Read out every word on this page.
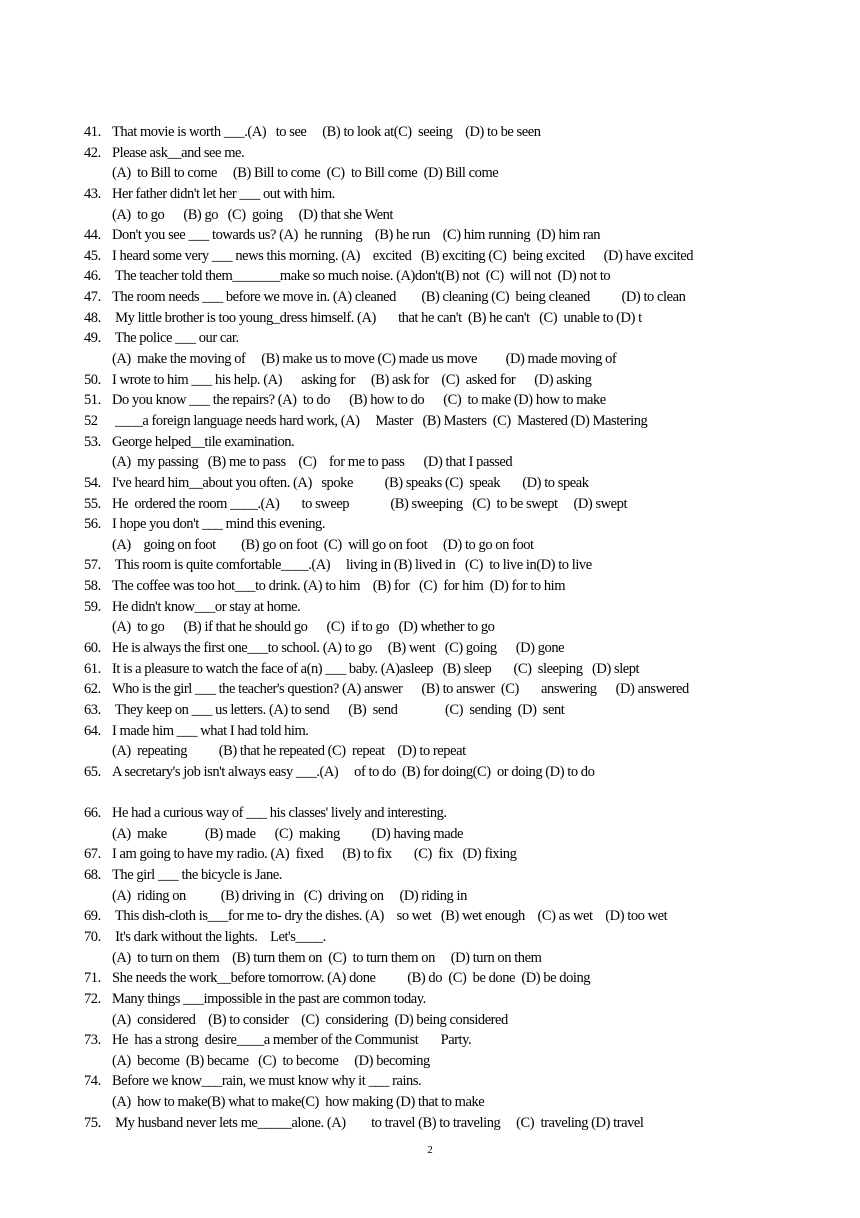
41. That movie is worth ___.(A)   to see     (B) to look at(C)  seeing    (D) to be seen
42. Please ask__and see me.
(A)  to Bill to come     (B) Bill to come  (C)  to Bill come  (D) Bill come
43. Her father didn't let her ___ out with him.
(A)  to go      (B) go   (C)  going     (D) that she Went
44. Don't you see ___ towards us? (A)  he running    (B) he run    (C) him running  (D) him ran
45. I heard some very ___ news this morning. (A)    excited   (B) exciting (C)  being excited      (D) have excited
46. The teacher told them_______make so much noise. (A)don't(B) not  (C)  will not  (D) not to
47. The room needs ___ before we move in. (A) cleaned        (B) cleaning (C)  being cleaned          (D) to clean
48. My little brother is too young_dress himself. (A)       that he can't  (B) he can't   (C)  unable to (D) t
49. The police ___ our car.
(A)  make the moving of     (B) make us to move (C) made us move         (D) made moving of
50. I wrote to him ___ his help. (A)      asking for     (B) ask for    (C)  asked for      (D) asking
51. Do you know ___ the repairs? (A)  to do      (B) how to do      (C)  to make (D) how to make
52 ____a foreign language needs hard work, (A)     Master   (B) Masters  (C)  Mastered (D) Mastering
53. George helped__tile examination.
(A)  my passing   (B) me to pass    (C)    for me to pass      (D) that I passed
54. I've heard him__about you often. (A)   spoke          (B) speaks (C)  speak       (D) to speak
55. He  ordered the room ____.(A)       to sweep             (B) sweeping   (C)  to be swept     (D) swept
56. I hope you don't ___ mind this evening.
(A)    going on foot        (B) go on foot  (C)  will go on foot     (D) to go on foot
57. This room is quite comfortable____.(A)     living in (B) lived in   (C)  to live in(D) to live
58. The coffee was too hot___to drink. (A) to him    (B) for   (C)  for him  (D) for to him
59. He didn't know___or stay at home.
(A)  to go      (B) if that he should go      (C)  if to go   (D) whether to go
60. He is always the first one___to school. (A) to go     (B) went   (C) going      (D) gone
61. It is a pleasure to watch the face of a(n) ___ baby. (A)asleep   (B) sleep       (C)  sleeping   (D) slept
62. Who is the girl ___ the teacher's question? (A) answer      (B) to answer  (C)       answering      (D) answered
63. They keep on ___ us letters. (A) to send      (B)  send               (C)  sending  (D)  sent
64. I made him ___ what I had told him.
(A)  repeating          (B) that he repeated (C)  repeat    (D) to repeat
65. A secretary's job isn't always easy ___.(A)     of to do  (B) for doing(C)  or doing (D) to do
66. He had a curious way of ___ his classes' lively and interesting.
(A)  make            (B) made      (C)  making          (D) having made
67. I am going to have my radio. (A)  fixed      (B) to fix       (C)  fix   (D) fixing
68. The girl ___ the bicycle is Jane.
(A)  riding on           (B) driving in   (C)  driving on     (D) riding in
69. This dish-cloth is___for me to- dry the dishes. (A)    so wet   (B) wet enough    (C) as wet    (D) too wet
70. It's dark without the lights.    Let's____.
(A)  to turn on them    (B) turn them on  (C)  to turn them on     (D) turn on them
71. She needs the work__before tomorrow. (A) done          (B) do  (C)  be done  (D) be doing
72. Many things ___impossible in the past are common today.
(A)  considered    (B) to consider    (C)  considering  (D) being considered
73. He  has a strong  desire____a member of the Communist       Party.
(A)  become  (B) became   (C)  to become     (D) becoming
74. Before we know___rain, we must know why it ___ rains.
(A)  how to make(B) what to make(C)  how making (D) that to make
75. My husband never lets me_____alone. (A)        to travel (B) to traveling     (C)  traveling (D) travel
2
